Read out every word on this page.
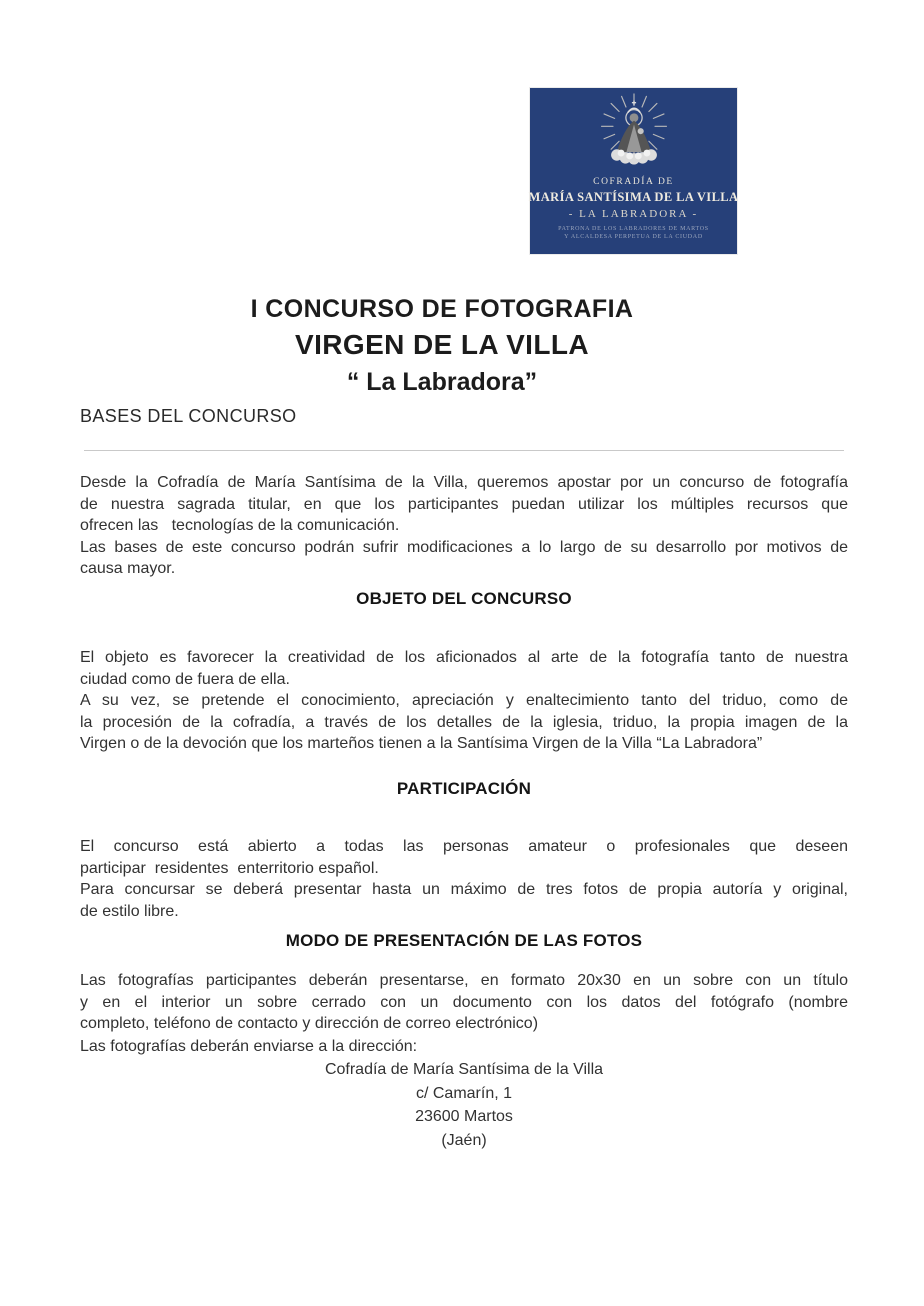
COFRADÍA DE
MARÍA SANTÍSIMA DE LA VILLA
- LA LABRADORA -
PATRONA DE LOS LABRADORES DE MARTOS
Y ALCALDESA PERPETUA DE LA CIUDAD
I CONCURSO DE FOTOGRAFIA
VIRGEN DE LA VILLA
“ La Labradora”
BASES DEL CONCURSO
Desde la Cofradía de María Santísima de la Villa, queremos apostar por un concurso de fotografía
de nuestra sagrada titular, en que los participantes puedan utilizar los múltiples recursos que
ofrecen las   tecnologías de la comunicación.
Las bases de este concurso podrán sufrir modificaciones a lo largo de su desarrollo por motivos de
causa mayor.
OBJETO DEL CONCURSO
El objeto es favorecer la creatividad de los aficionados al arte de la fotografía tanto de nuestra
ciudad como de fuera de ella.
A su vez, se pretende el conocimiento, apreciación y enaltecimiento tanto del triduo, como de
la procesión de la cofradía, a través de los detalles de la iglesia, triduo, la propia imagen de la
Virgen o de la devoción que los marteños tienen a la Santísima Virgen de la Villa “La Labradora”
PARTICIPACIÓN
El concurso está abierto a todas las personas amateur o profesionales que deseen
participar  residentes  enterritorio español.
Para concursar se deberá presentar hasta un máximo de tres fotos de propia autoría y original,
de estilo libre.
MODO DE PRESENTACIÓN DE LAS FOTOS
Las fotografías participantes deberán presentarse, en formato 20x30 en un sobre con un título
y en el interior un sobre cerrado con un documento con los datos del fotógrafo (nombre
completo, teléfono de contacto y dirección de correo electrónico)
Las fotografías deberán enviarse a la dirección:
Cofradía de María Santísima de la Villa
c/ Camarín, 1
23600 Martos
(Jaén)
